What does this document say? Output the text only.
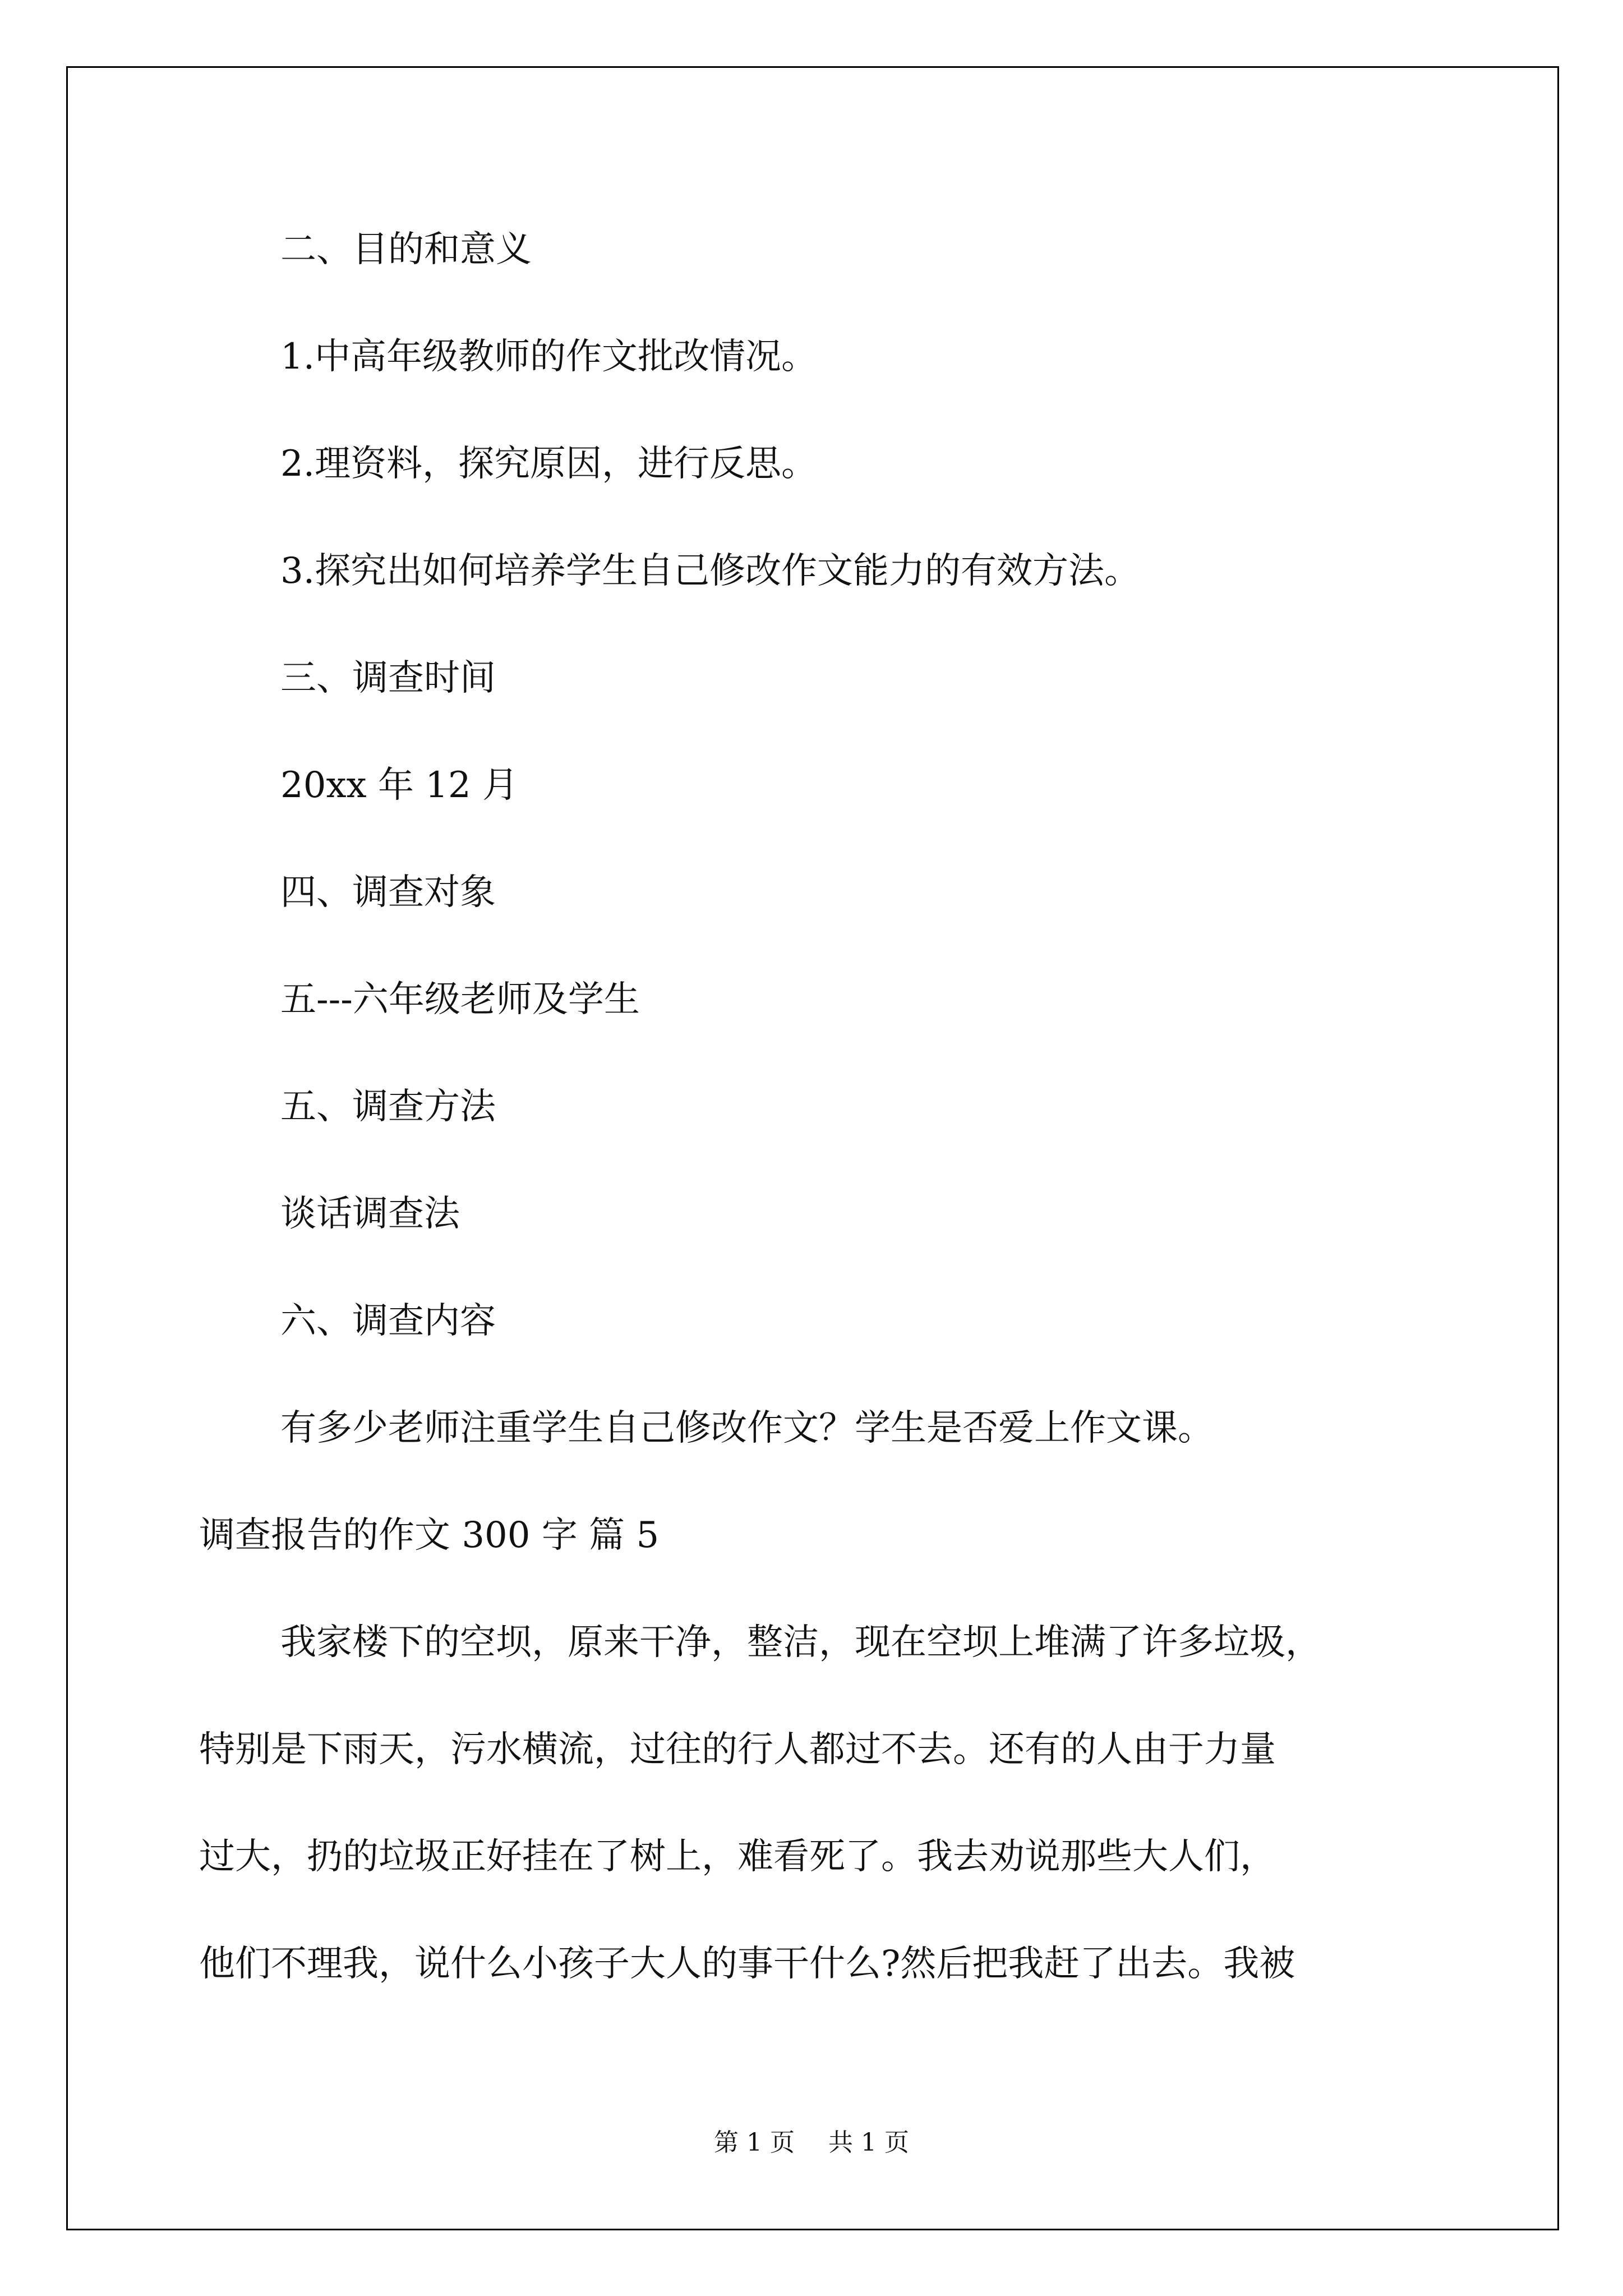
二、目的和意义

1.中高年级教师的作文批改情况。

2.理资料，探究原因，进行反思。

3.探究出如何培养学生自己修改作文能力的有效方法。

三、调查时间

20xx 年 12 月

四、调查对象

五---六年级老师及学生

五、调查方法

谈话调查法

六、调查内容

有多少老师注重学生自己修改作文？学生是否爱上作文课。

调查报告的作文 300 字 篇 5

我家楼下的空坝，原来干净，整洁，现在空坝上堆满了许多垃圾，

特别是下雨天，污水横流，过往的行人都过不去。还有的人由于力量

过大，扔的垃圾正好挂在了树上，难看死了。我去劝说那些大人们，

他们不理我，说什么小孩子大人的事干什么?然后把我赶了出去。我被

第 1 页 共 1 页
